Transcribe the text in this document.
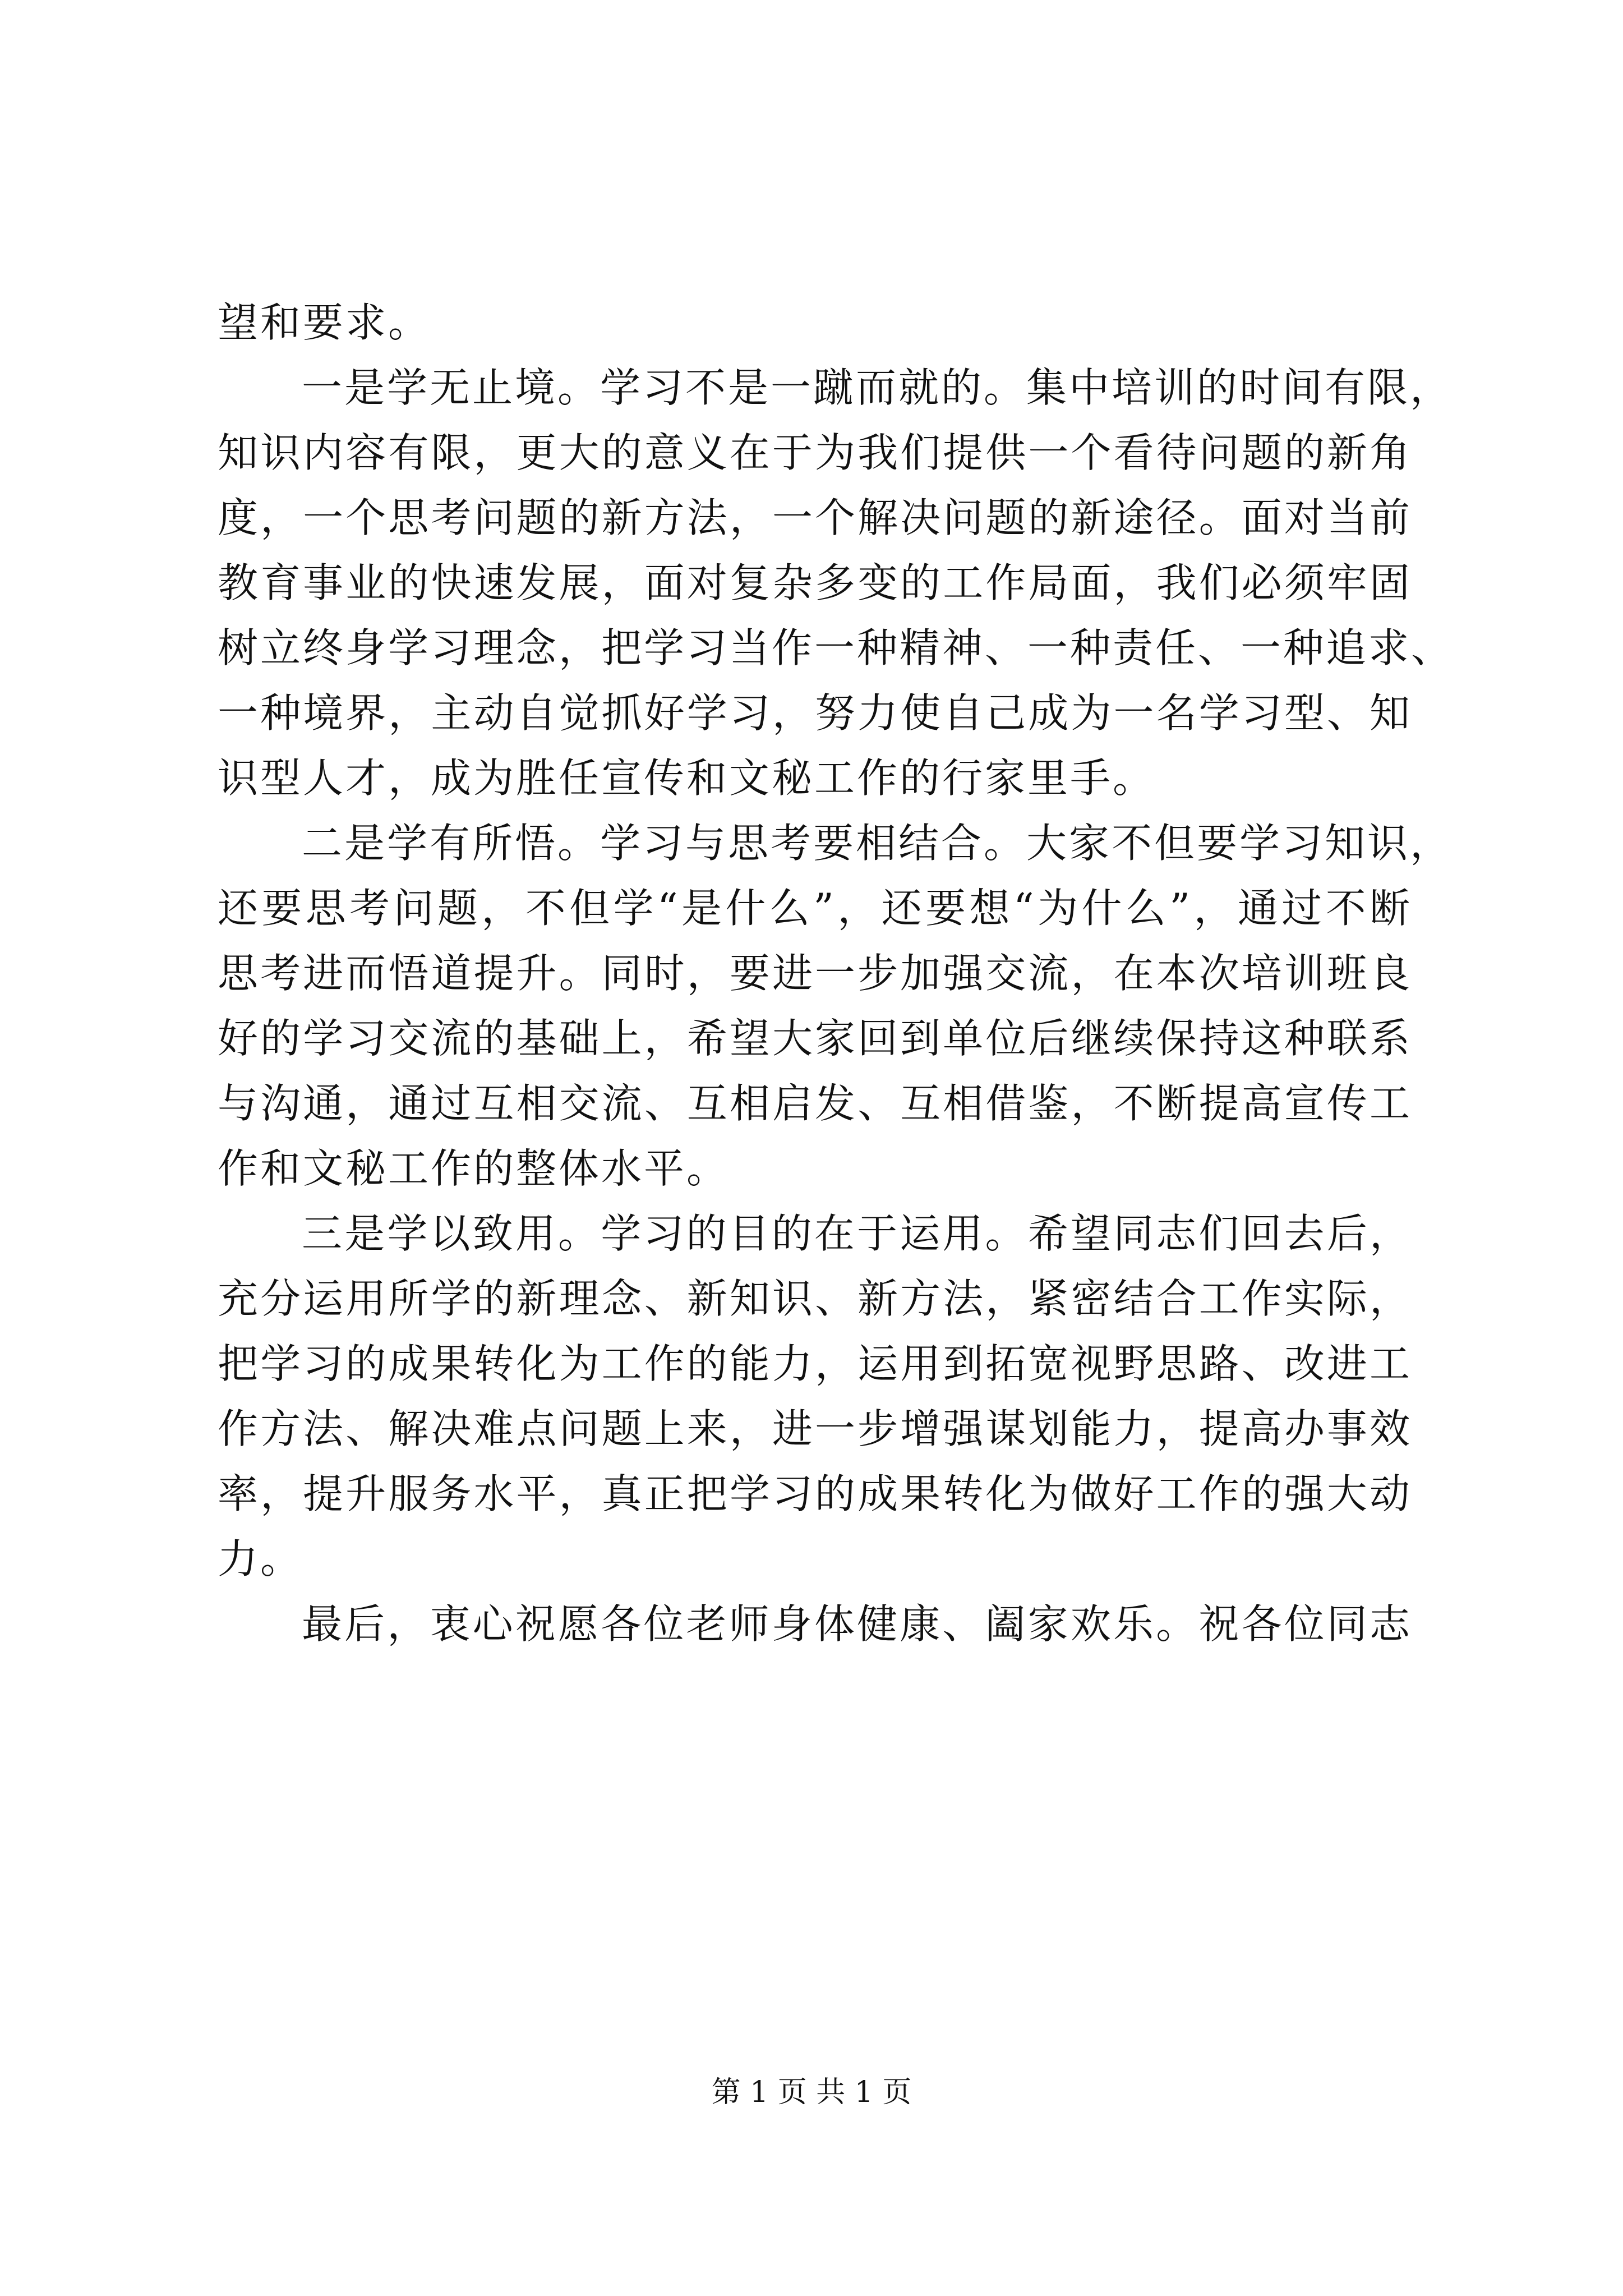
望和要求。
一是学无止境。学习不是一蹴而就的。集中培训的时间有限，
知识内容有限，更大的意义在于为我们提供一个看待问题的新角
度，一个思考问题的新方法，一个解决问题的新途径。面对当前
教育事业的快速发展，面对复杂多变的工作局面，我们必须牢固
树立终身学习理念，把学习当作一种精神、一种责任、一种追求、
一种境界，主动自觉抓好学习，努力使自己成为一名学习型、知
识型人才，成为胜任宣传和文秘工作的行家里手。
二是学有所悟。学习与思考要相结合。大家不但要学习知识，
还要思考问题，不但学“是什么”，还要想“为什么”，通过不断
思考进而悟道提升。同时，要进一步加强交流，在本次培训班良
好的学习交流的基础上，希望大家回到单位后继续保持这种联系
与沟通，通过互相交流、互相启发、互相借鉴，不断提高宣传工
作和文秘工作的整体水平。
三是学以致用。学习的目的在于运用。希望同志们回去后，
充分运用所学的新理念、新知识、新方法，紧密结合工作实际，
把学习的成果转化为工作的能力，运用到拓宽视野思路、改进工
作方法、解决难点问题上来，进一步增强谋划能力，提高办事效
率，提升服务水平，真正把学习的成果转化为做好工作的强大动
力。
最后，衷心祝愿各位老师身体健康、阖家欢乐。祝各位同志
第 1 页 共 1 页
